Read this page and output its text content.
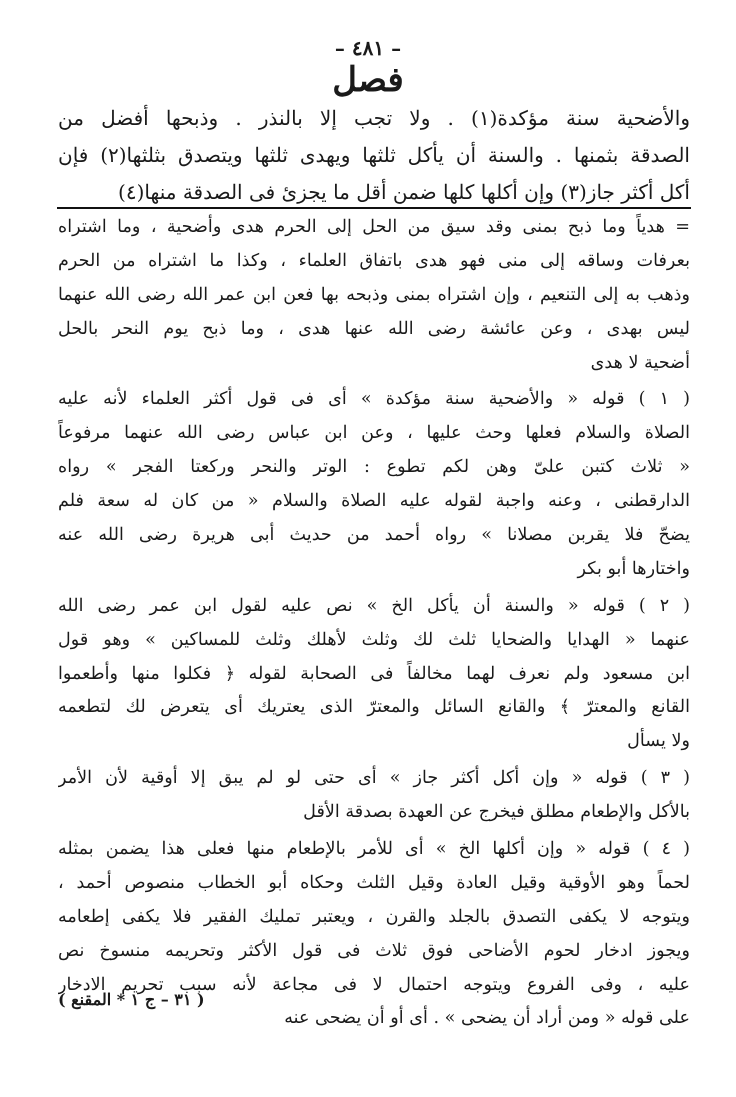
– ٤٨١ –
فصل
والأضحية سنة مؤكدة(١) . ولا تجب إلا بالنذر . وذبحها أفضل من
الصدقة بثمنها . والسنة أن يأكل ثلثها ويهدى ثلثها ويتصدق بثلثها(٢) فإن
أكل أكثر جاز(٣) وإن أكلها كلها ضمن أقل ما يجزئ فى الصدقة منها(٤)
= هدياً وما ذبح بمنى وقد سيق من الحل إلى الحرم هدى وأضحية ، وما اشتراه
بعرفات وساقه إلى منى فهو هدى باتفاق العلماء ، وكذا ما اشتراه من الحرم
وذهب به إلى التنعيم ، وإن اشتراه بمنى وذبحه بها فعن ابن عمر الله رضى الله عنهما
ليس بهدى ، وعن عائشة رضى الله عنها هدى ، وما ذبح يوم النحر بالحل
أضحية لا هدى
( ١ ) قوله « والأضحية سنة مؤكدة » أى فى قول أكثر العلماء لأنه عليه
الصلاة والسلام فعلها وحث عليها ، وعن ابن عباس رضى الله عنهما مرفوعاً
« ثلاث كتبن علىّ وهن لكم تطوع : الوتر والنحر وركعتا الفجر » رواه
الدارقطنى ، وعنه واجبة لقوله عليه الصلاة والسلام « من كان له سعة فلم
يضحّ فلا يقربن مصلانا » رواه أحمد من حديث أبى هريرة رضى الله عنه
واختارها أبو بكر
( ٢ ) قوله « والسنة أن يأكل الخ » نص عليه لقول ابن عمر رضى الله
عنهما « الهدايا والضحايا ثلث لك وثلث لأهلك وثلث للمساكين » وهو قول
ابن مسعود ولم نعرف لهما مخالفاً فى الصحابة لقوله ﴿ فكلوا منها وأطعموا
القانع والمعترّ ﴾ والقانع السائل والمعترّ الذى يعتريك أى يتعرض لك لتطعمه
ولا يسأل
( ٣ ) قوله « وإن أكل أكثر جاز » أى حتى لو لم يبق إلا أوقية لأن الأمر
بالأكل والإطعام مطلق فيخرج عن العهدة بصدقة الأقل
( ٤ ) قوله « وإن أكلها الخ » أى للأمر بالإطعام منها فعلى هذا يضمن بمثله
لحماً وهو الأوقية وقيل العادة وقيل الثلث وحكاه أبو الخطاب منصوص أحمد ،
ويتوجه لا يكفى التصدق بالجلد والقرن ، ويعتبر تمليك الفقير فلا يكفى إطعامه
ويجوز ادخار لحوم الأضاحى فوق ثلاث فى قول الأكثر وتحريمه منسوخ نص
عليه ، وفى الفروع ويتوجه احتمال لا فى مجاعة لأنه سبب تحريم الادخار
على قوله « ومن أراد أن يضحى » . أى أو أن يضحى عنه
( ٣١ – ج ١ * المقنع )
